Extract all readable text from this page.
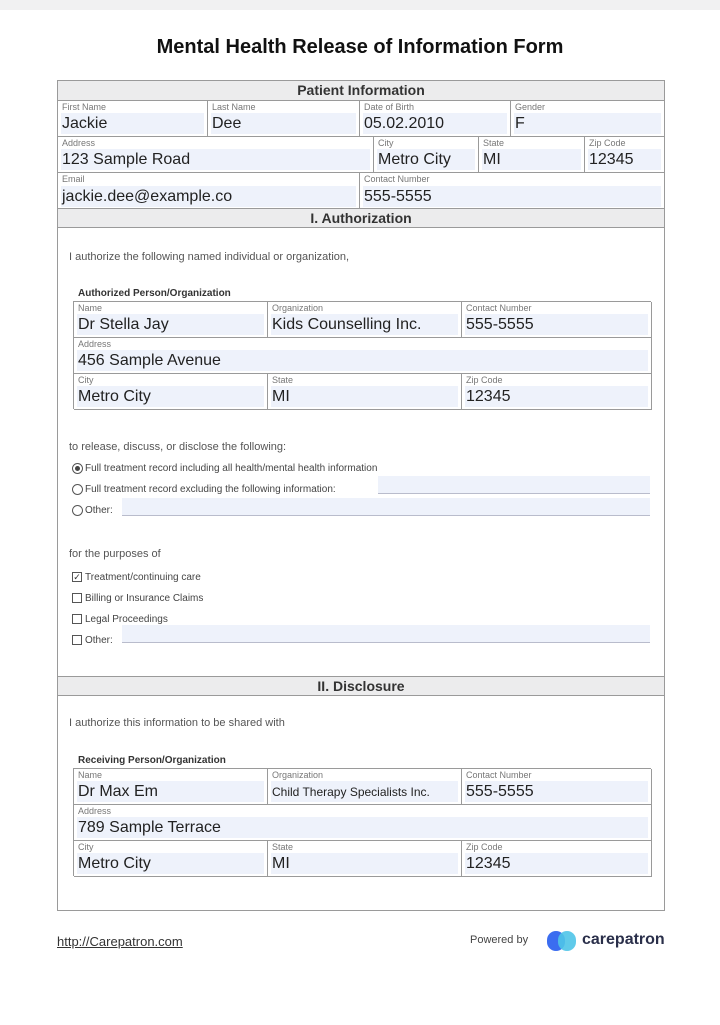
Mental Health Release of Information Form
Patient Information
First Name
Jackie
Last Name
Dee
Date of Birth
05.02.2010
Gender
F
Address
123 Sample Road
City
Metro City
State
MI
Zip Code
12345
Email
jackie.dee@example.co
Contact Number
555-5555
I. Authorization
I authorize the following named individual or organization,
Authorized Person/Organization
Name
Dr Stella Jay
Organization
Kids Counselling Inc.
Contact Number
555-5555
Address
456 Sample Avenue
City
Metro City
State
MI
Zip Code
12345
to release, discuss, or disclose the following:
Full treatment record including all health/mental health information
Full treatment record excluding the following information:
Other:
for the purposes of
✓ Treatment/continuing care
Billing or Insurance Claims
Legal Proceedings
Other:
II. Disclosure
I authorize this information to be shared with
Receiving Person/Organization
Name
Dr Max Em
Organization
Child Therapy Specialists Inc.
Contact Number
555-5555
Address
789 Sample Terrace
City
Metro City
State
MI
Zip Code
12345
http://Carepatron.com	Powered by	carepatron
